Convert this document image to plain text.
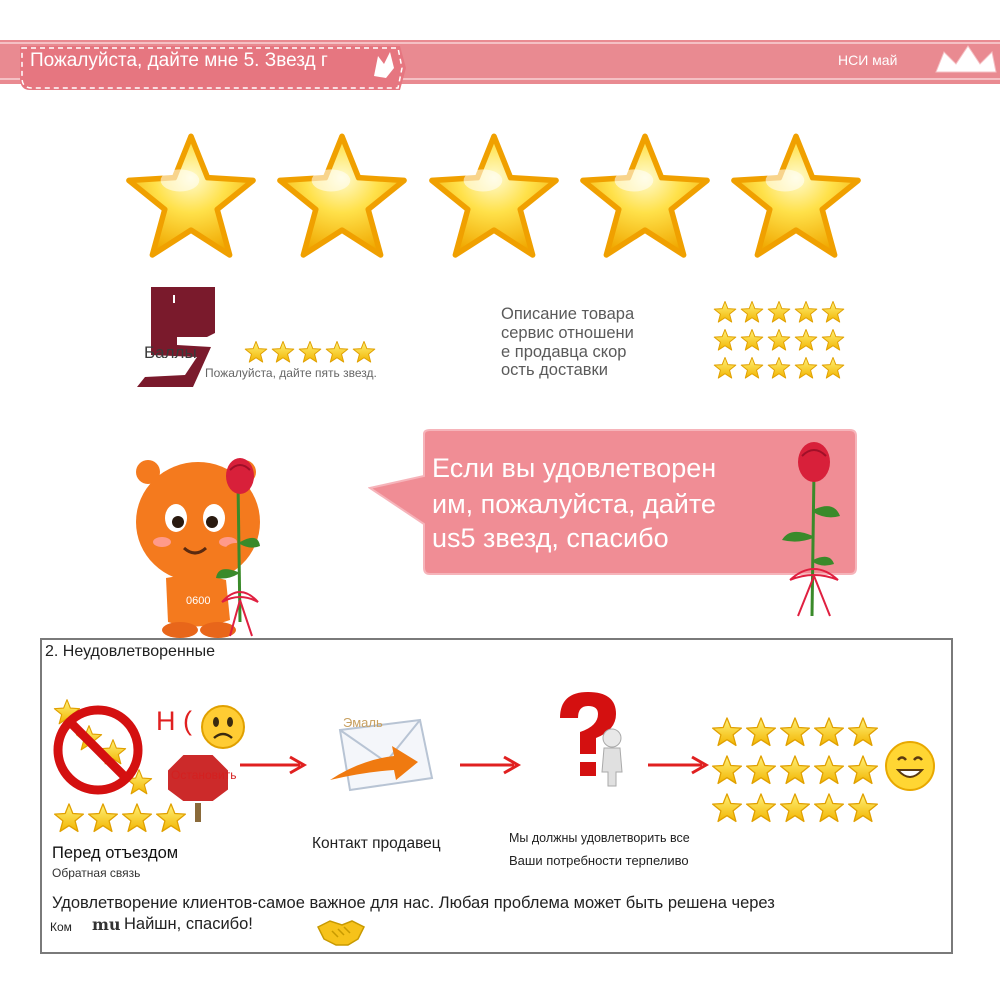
Пожалуйста, дайте мне 5. Звезд г	НСИ май
Баллы
Пожалуйста, дайте пять звезд.
Описание товара
сервис отношени
е продавца скор
ость доставки
0600
Если вы удовлетворен
им, пожалуйста, дайте
us5 звезд, спасибо
2. Неудовлетворенные
Н (
Остановить
Эмаль
Перед отъездом
Обратная связь
Контакт продавец	Мы должны удовлетворить все
Ваши потребности терпеливо
Удовлетворение клиентов-самое важное для нас. Любая проблема может быть решена через
Ком mu Найшн, спасибо!
